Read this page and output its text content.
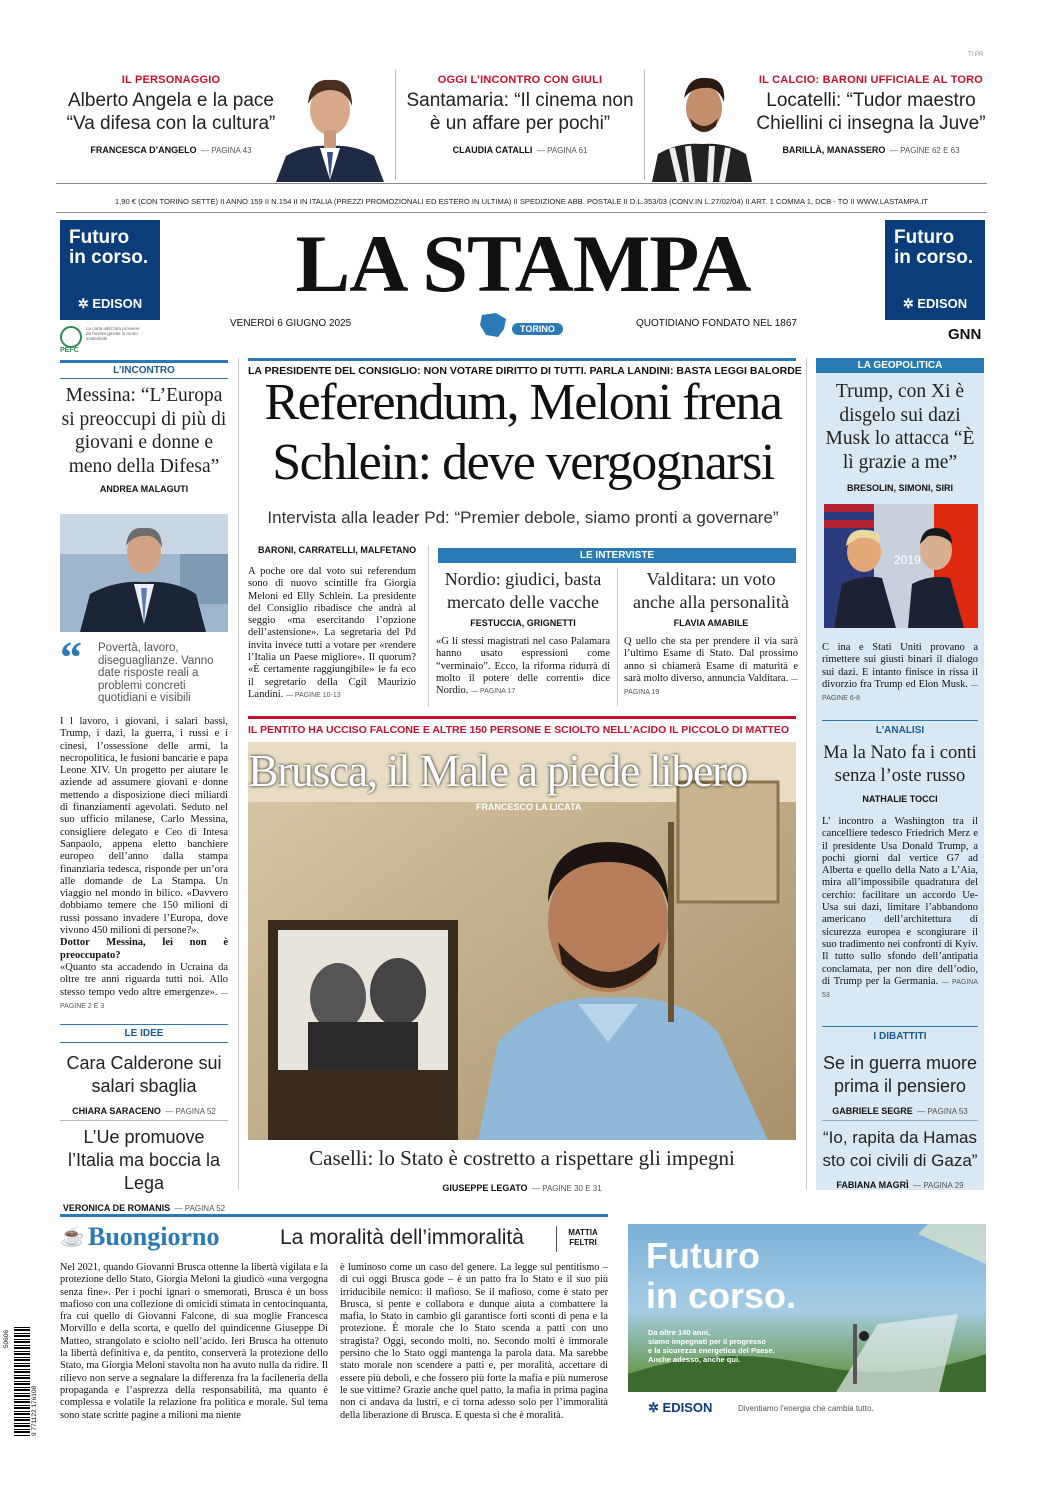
TI PR
IL PERSONAGGIO
Alberto Angela e la pace “Va difesa con la cultura”
FRANCESCA D’ANGELO — PAGINA 43
OGGI L’INCONTRO CON GIULI
Santamaria: “Il cinema non è un affare per pochi”
CLAUDIA CATALLI — PAGINA 61
IL CALCIO: BARONI UFFICIALE AL TORO
Locatelli: “Tudor maestro Chiellini ci insegna la Juve”
BARILLÀ, MANASSERO — PAGINE 62 E 63
1,90 € (CON TORINO SETTE) II ANNO 159 II N.154 II IN ITALIA (PREZZI PROMOZIONALI ED ESTERO IN ULTIMA) II SPEDIZIONE ABB. POSTALE II D.L.353/03 (CONV.IN L.27/02/04) II ART. 1 COMMA 1, DCB - TO II WWW.LASTAMPA.IT
Futuro
in corso.
✲ EDISON
Futuro
in corso.
✲ EDISON
PEFC
La carta utilizzata proviene da foreste gestite in modo sostenibile
LA STAMPA
VENERDÌ 6 GIUGNO 2025	TORINO	QUOTIDIANO FONDATO NEL 1867
GNN
L’INCONTRO
Messina: “L’Europa si preoccupi di più di giovani e donne e meno della Difesa”
ANDREA MALAGUTI
“ Povertà, lavoro, diseguaglianze. Vanno date risposte reali a problemi concreti quotidiani e visibili
I l lavoro, i giovani, i salari bassi, Trump, i dazi, la guerra, i russi e i cinesi, l’ossessione delle armi, la necropolitica, le fusioni bancarie e papa Leone XIV. Un progetto per aiutare le aziende ad assumere giovani e donne mettendo a disposizione dieci miliardi di finanziamenti agevolati. Seduto nel suo ufficio milanese, Carlo Messina, consigliere delegato e Ceo di Intesa Sanpaolo, appena eletto banchiere europeo dell’anno dalla stampa finanziaria tedesca, risponde per un’ora alle domande de La Stampa. Un viaggio nel mondo in bilico. «Davvero dobbiamo temere che 150 milioni di russi possano invadere l’Europa, dove vivono 450 milioni di persone?».
Dottor Messina, lei non è preoccupato?
«Quanto sta accadendo in Ucraina da oltre tre anni riguarda tutti noi. Allo stesso tempo vedo altre emergenze». — PAGINE 2 E 3
LE IDEE
Cara Calderone sui salari sbaglia
CHIARA SARACENO — PAGINA 52
L’Ue promuove l’Italia ma boccia la Lega
VERONICA DE ROMANIS — PAGINA 52
LA PRESIDENTE DEL CONSIGLIO: NON VOTARE DIRITTO DI TUTTI. PARLA LANDINI: BASTA LEGGI BALORDE
Referendum, Meloni frena
Schlein: deve vergognarsi
Intervista alla leader Pd: “Premier debole, siamo pronti a governare”
BARONI, CARRATELLI, MALFETANO
A poche ore dal voto sui referendum sono di nuovo scintille fra Giorgia Meloni ed Elly Schlein. La presidente del Consiglio ribadisce che andrà al seggio «ma esercitando l’opzione dell’astensione». La segretaria del Pd invita invece tutti a votare per «rendere l’Italia un Paese migliore». Il quorum? «È certamente raggiungibile» le fa eco il segretario della Cgil Maurizio Landini. — PAGINE 10-13
LE INTERVISTE
Nordio: giudici, basta mercato delle vacche
FESTUCCIA, GRIGNETTI
«G li stessi magistrati nel caso Palamara hanno usato espressioni come “verminaio”. Ecco, la riforma ridurrà di molto il potere delle correnti» dice Nordio. — PAGINA 17
Valditara: un voto anche alla personalità
FLAVIA AMABILE
Q uello che sta per prendere il via sarà l’ultimo Esame di Stato. Dal prossimo anno si chiamerà Esame di maturità e sarà molto diverso, annuncia Valditara. — PAGINA 19
IL PENTITO HA UCCISO FALCONE E ALTRE 150 PERSONE E SCIOLTO NELL’ACIDO IL PICCOLO DI MATTEO
Brusca, il Male a piede libero
FRANCESCO LA LICATA
Caselli: lo Stato è costretto a rispettare gli impegni
GIUSEPPE LEGATO — PAGINE 30 E 31
LA GEOPOLITICA
Trump, con Xi è disgelo sui dazi Musk lo attacca “È lì grazie a me”
BRESOLIN, SIMONI, SIRI
2019
C ina e Stati Uniti provano a rimettere sui giusti binari il dialogo sui dazi. E intanto finisce in rissa il divorzio fra Trump ed Elon Musk. — PAGINE 6-8
L’ANALISI
Ma la Nato fa i conti senza l’oste russo
NATHALIE TOCCI
L’ incontro a Washington tra il cancelliere tedesco Friedrich Merz e il presidente Usa Donald Trump, a pochi giorni dal vertice G7 ad Alberta e quello della Nato a L’Aia, mira all’impossibile quadratura del cerchio: facilitare un accordo Ue-Usa sui dazi, limitare l’abbandono americano dell’architettura di sicurezza europea e scongiurare il suo tradimento nei confronti di Kyiv. Il tutto sullo sfondo dell’antipatia conclamata, per non dire dell’odio, di Trump per la Germania. — PAGINA 53
I DIBATTITI
Se in guerra muore prima il pensiero
GABRIELE SEGRE — PAGINA 53
“Io, rapita da Hamas sto coi civili di Gaza”
FABIANA MAGRÌ — PAGINA 29
☕ Buongiorno	La moralità dell’immoralità	MATTIA
FELTRI
Nel 2021, quando Giovanni Brusca ottenne la libertà vigilata e la protezione dello Stato, Giorgia Meloni la giudicò «una vergogna senza fine». Per i pochi ignari o smemorati, Brusca è un boss mafioso con una collezione di omicidi stimata in centocinquanta, fra cui quello di Giovanni Falcone, di sua moglie Francesca Morvillo e della scorta, e quello del quindicenne Giuseppe Di Matteo, strangolato e sciolto nell’acido. Ieri Brusca ha ottenuto la libertà definitiva e, da pentito, conserverà la protezione dello Stato, ma Giorgia Meloni stavolta non ha avuto nulla da ridire. Il rilievo non serve a segnalare la differenza fra la facileneria della propaganda e l’asprezza della responsabilità, ma quanto è complessa e volatile la relazione fra politica e morale. Sul tema sono state scritte pagine a milioni ma niente
è luminoso come un caso del genere. La legge sul pentitismo – di cui oggi Brusca gode – è un patto fra lo Stato e il suo più irriducibile nemico: il mafioso. Se il mafioso, come è stato per Brusca, si pente e collabora e dunque aiuta a combattere la mafia, lo Stato in cambio gli garantisce forti sconti di pena e la protezione. È morale che lo Stato scenda a patti con uno stragista? Oggi, secondo molti, no. Secondo molti è immorale persino che lo Stato oggi mantenga la parola data. Ma sarebbe stato morale non scendere a patti e, per moralità, accettare di essere più deboli, e che fossero più forte la mafia e più numerose le sue vittime? Grazie anche quel patto, la mafia in prima pagina non ci andava da lustri, e ci torna adesso solo per l’immoralità della liberazione di Brusca. E questa sì che è moralità.
9 771122 176108
50606
Futuro
in corso.
Da oltre 140 anni,
siamo impegnati per il progresso
e la sicurezza energetica del Paese.
Anche adesso, anche qui.
✲ EDISON	Diventiamo l’energia che cambia tutto.
